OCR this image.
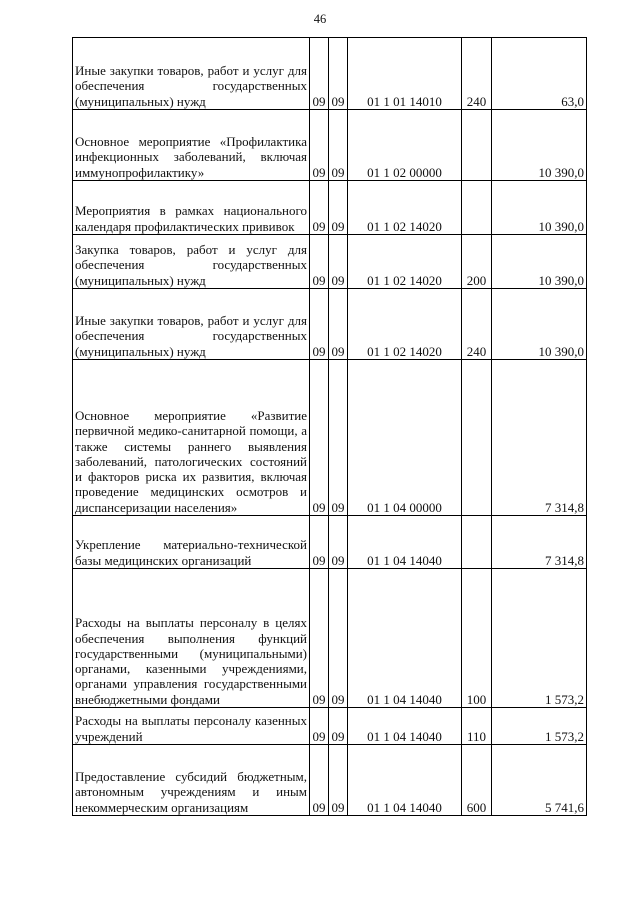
46
Иные закупки товаров, работ и услуг для обеспечения государственных (муниципальных) нужд	09	09	01 1 01 14010	240	63,0
Основное мероприятие «Профилактика инфекционных заболеваний, включая иммунопрофилактику»	09	09	01 1 02 00000		10 390,0
Мероприятия в рамках национального календаря профилактических прививок	09	09	01 1 02 14020		10 390,0
Закупка товаров, работ и услуг для обеспечения государственных (муниципальных) нужд	09	09	01 1 02 14020	200	10 390,0
Иные закупки товаров, работ и услуг для обеспечения государственных (муниципальных) нужд	09	09	01 1 02 14020	240	10 390,0
Основное мероприятие «Развитие первичной медико-санитарной помощи, а также системы раннего выявления заболеваний, патологических состояний и факторов риска их развития, включая проведение медицинских осмотров и диспансеризации населения»	09	09	01 1 04 00000		7 314,8
Укрепление материально-технической базы медицинских организаций	09	09	01 1 04 14040		7 314,8
Расходы на выплаты персоналу в целях обеспечения выполнения функций государственными (муниципальными) органами, казенными учреждениями, органами управления государственными внебюджетными фондами	09	09	01 1 04 14040	100	1 573,2
Расходы на выплаты персоналу казенных учреждений	09	09	01 1 04 14040	110	1 573,2
Предоставление субсидий бюджетным, автономным учреждениям и иным некоммерческим организациям	09	09	01 1 04 14040	600	5 741,6
